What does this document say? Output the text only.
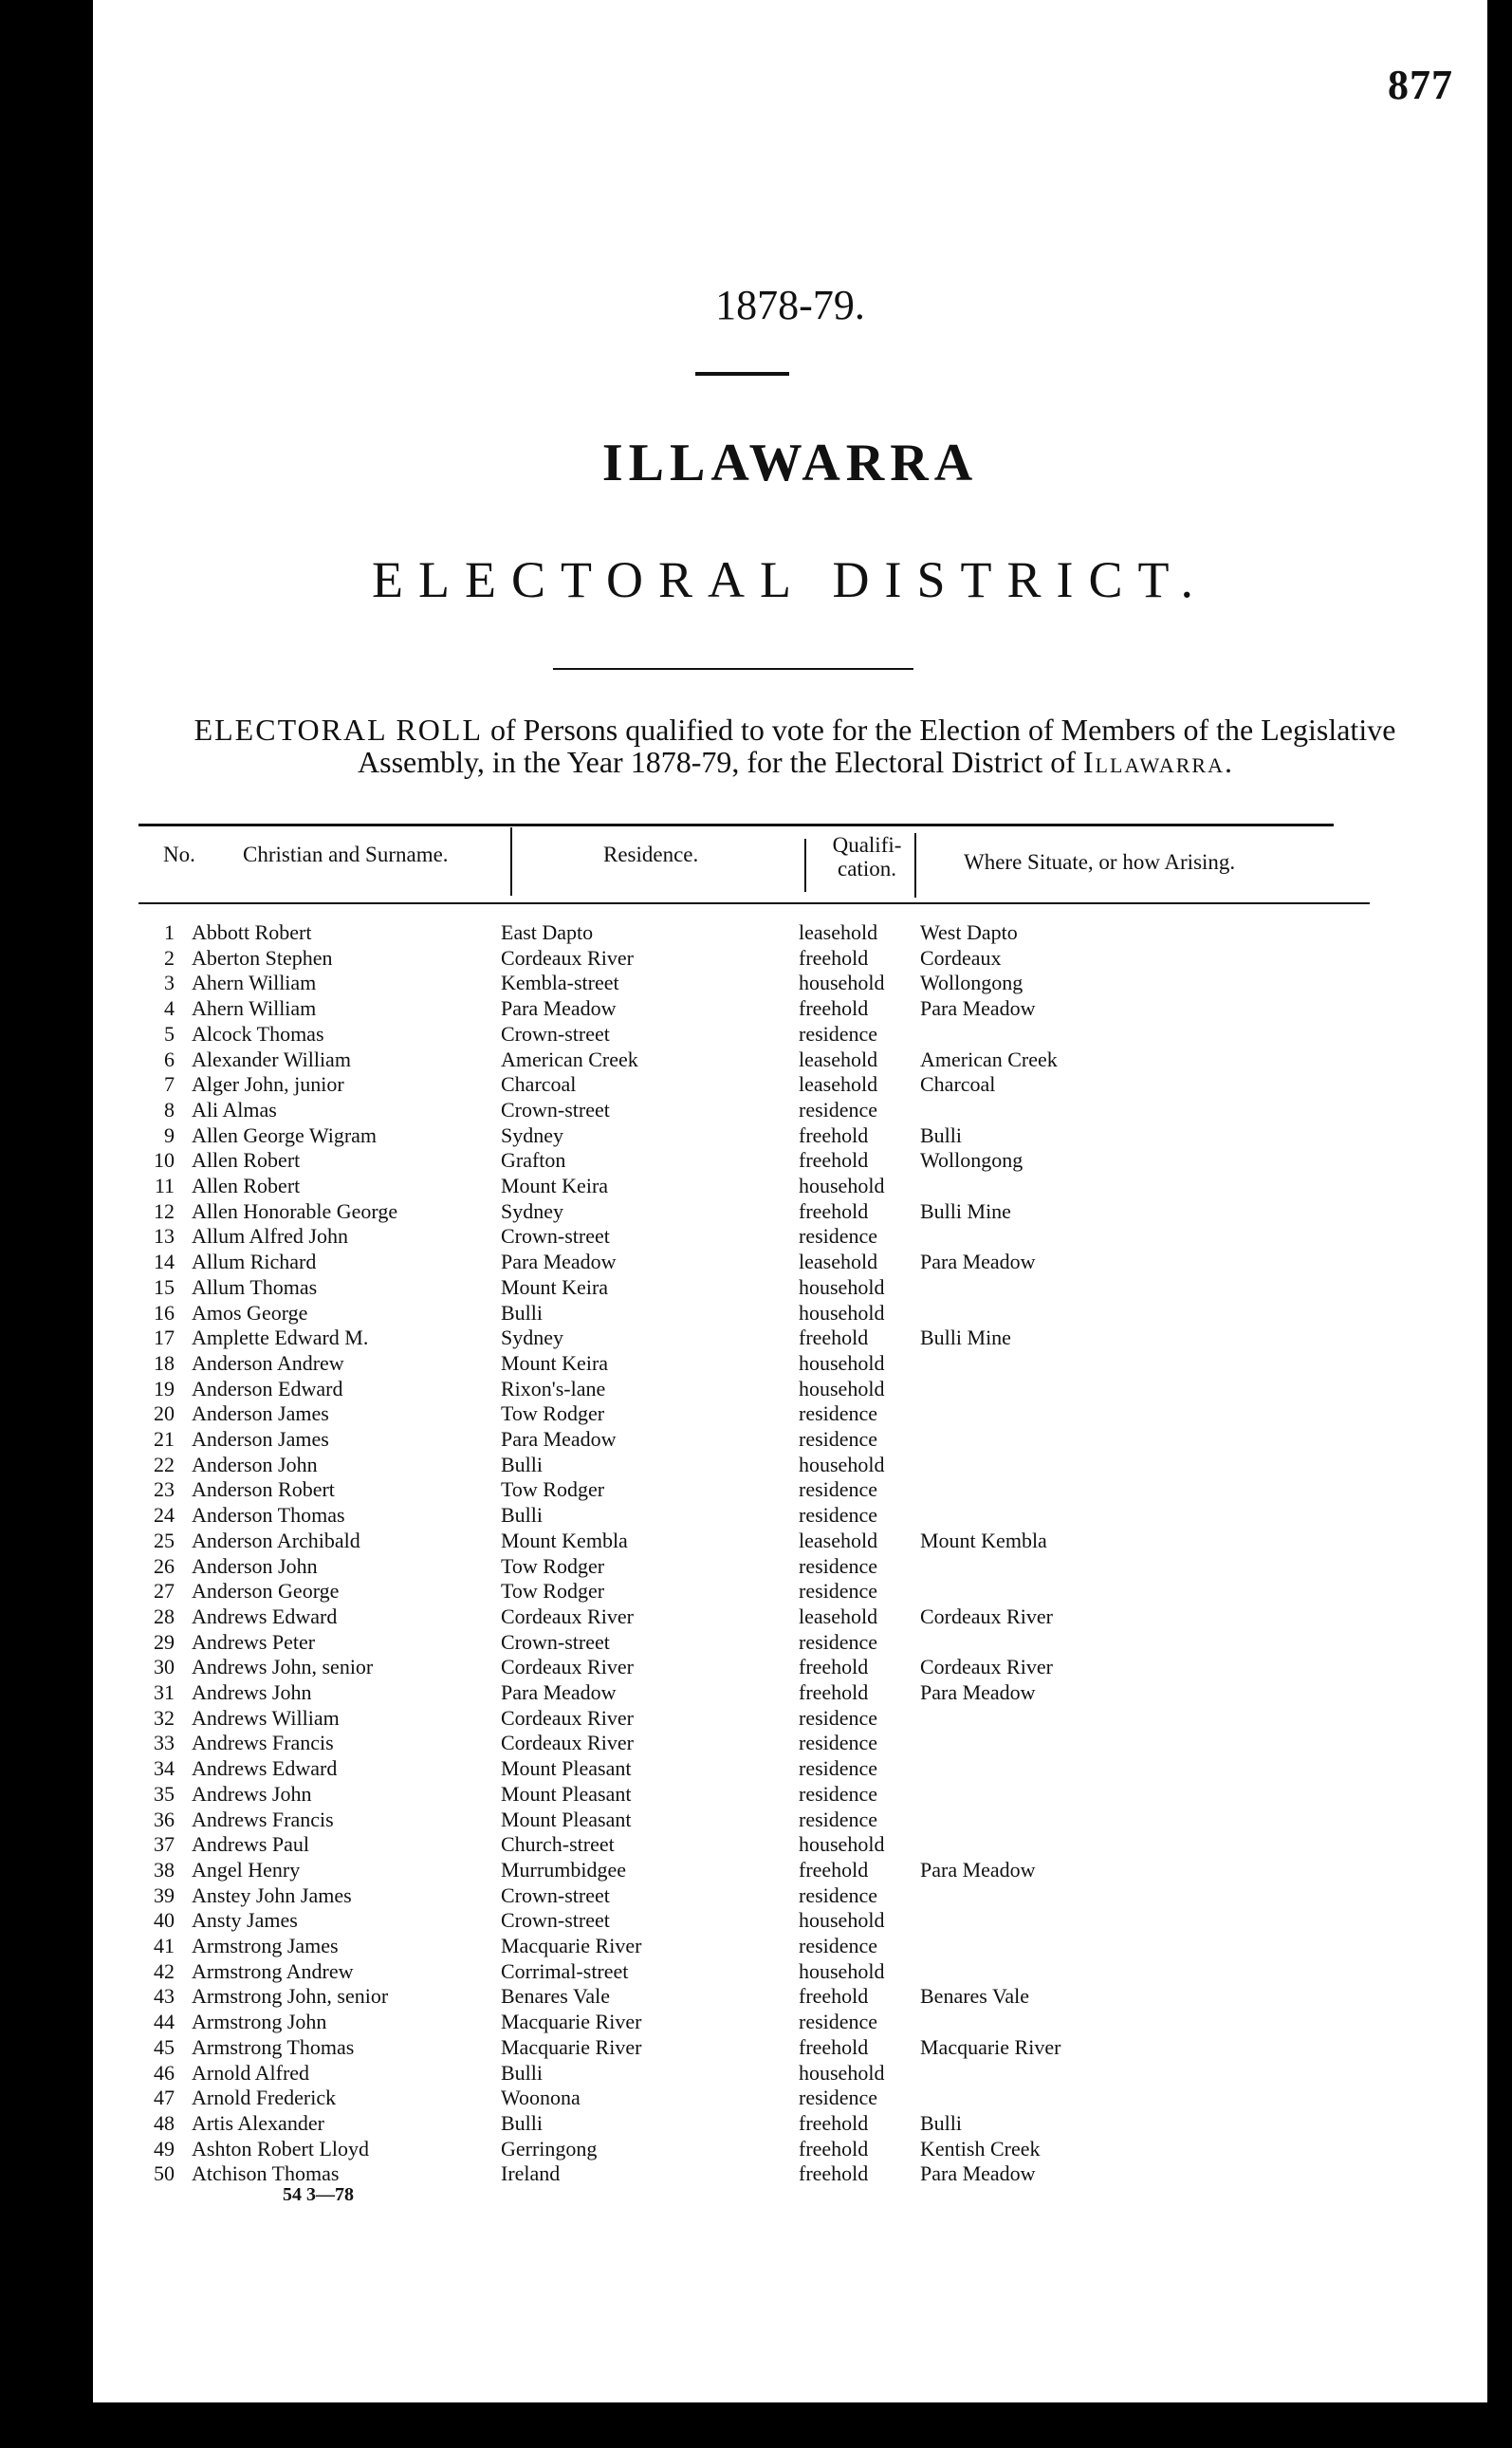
877
1878-79.
ILLAWARRA
ELECTORAL DISTRICT.
ELECTORAL ROLL of Persons qualified to vote for the Election of Members of the Legislative Assembly, in the Year 1878-79, for the Electoral District of Illawarra.
No. Christian and Surname.	Residence.	Qualifi-cation.	Where Situate, or how Arising.
1 Abbott Robert	East Dapto	leasehold West Dapto
2 Aberton Stephen	Cordeaux River	freehold Cordeaux
3 Ahern William	Kembla-street	household Wollongong
4 Ahern William	Para Meadow	freehold Para Meadow
5 Alcock Thomas	Crown-street	residence
6 Alexander William	American Creek	leasehold American Creek
7 Alger John, junior	Charcoal	leasehold Charcoal
8 Ali Almas	Crown-street	residence
9 Allen George Wigram	Sydney	freehold Bulli
10 Allen Robert	Grafton	freehold Wollongong
11 Allen Robert	Mount Keira	household
12 Allen Honorable George	Sydney	freehold Bulli Mine
13 Allum Alfred John	Crown-street	residence
14 Allum Richard	Para Meadow	leasehold Para Meadow
15 Allum Thomas	Mount Keira	household
16 Amos George	Bulli	household
17 Amplette Edward M.	Sydney	freehold Bulli Mine
18 Anderson Andrew	Mount Keira	household
19 Anderson Edward	Rixon's-lane	household
20 Anderson James	Tow Rodger	residence
21 Anderson James	Para Meadow	residence
22 Anderson John	Bulli	household
23 Anderson Robert	Tow Rodger	residence
24 Anderson Thomas	Bulli	residence
25 Anderson Archibald	Mount Kembla	leasehold Mount Kembla
26 Anderson John	Tow Rodger	residence
27 Anderson George	Tow Rodger	residence
28 Andrews Edward	Cordeaux River	leasehold Cordeaux River
29 Andrews Peter	Crown-street	residence
30 Andrews John, senior	Cordeaux River	freehold Cordeaux River
31 Andrews John	Para Meadow	freehold Para Meadow
32 Andrews William	Cordeaux River	residence
33 Andrews Francis	Cordeaux River	residence
34 Andrews Edward	Mount Pleasant	residence
35 Andrews John	Mount Pleasant	residence
36 Andrews Francis	Mount Pleasant	residence
37 Andrews Paul	Church-street	household
38 Angel Henry	Murrumbidgee	freehold Para Meadow
39 Anstey John James	Crown-street	residence
40 Ansty James	Crown-street	household
41 Armstrong James	Macquarie River	residence
42 Armstrong Andrew	Corrimal-street	household
43 Armstrong John, senior	Benares Vale	freehold Benares Vale
44 Armstrong John	Macquarie River	residence
45 Armstrong Thomas	Macquarie River	freehold Macquarie River
46 Arnold Alfred	Bulli	household
47 Arnold Frederick	Woonona	residence
48 Artis Alexander	Bulli	freehold Bulli
49 Ashton Robert Lloyd	Gerringong	freehold Kentish Creek
50 Atchison Thomas	Ireland	freehold Para Meadow
54 3—78
